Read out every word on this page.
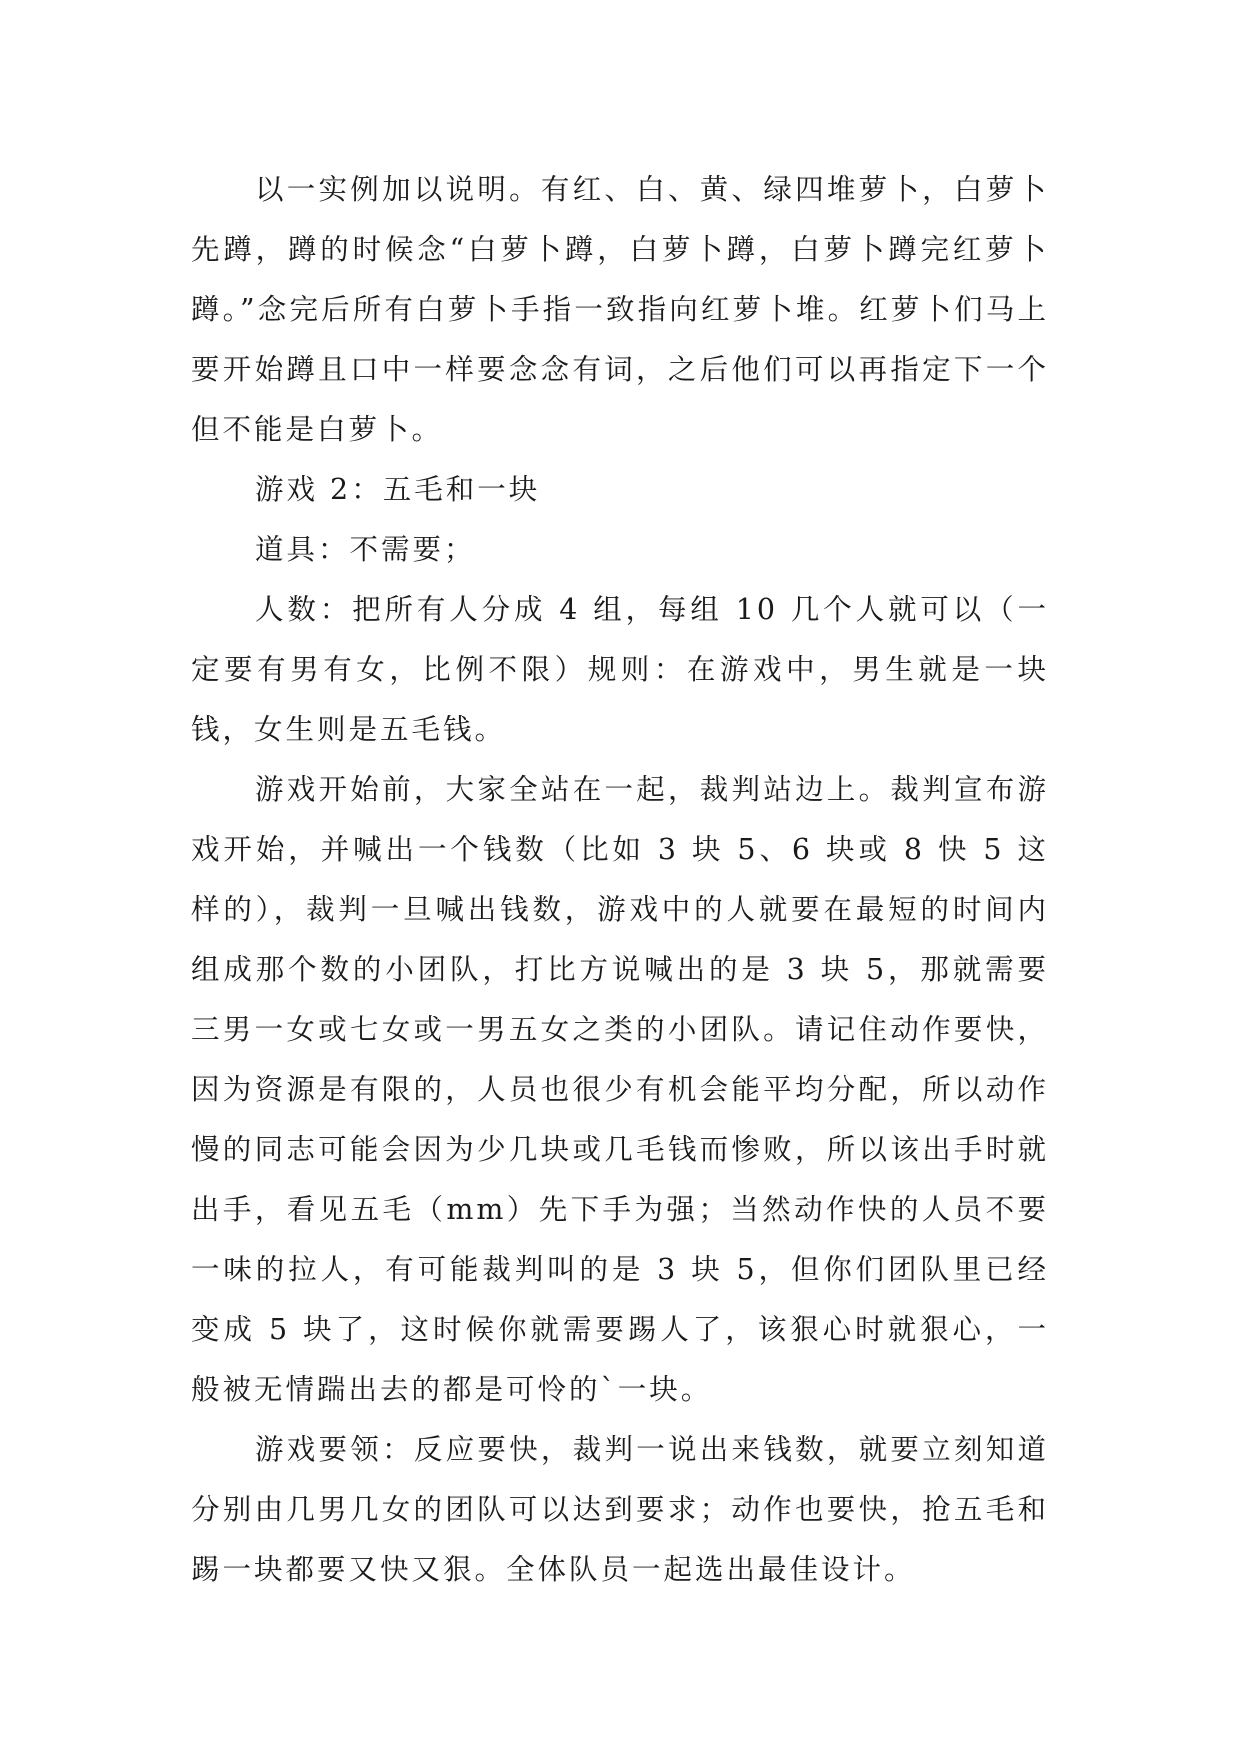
以一实例加以说明。有红、白、黄、绿四堆萝卜，白萝卜先蹲，蹲的时候念“白萝卜蹲，白萝卜蹲，白萝卜蹲完红萝卜蹲。”念完后所有白萝卜手指一致指向红萝卜堆。红萝卜们马上要开始蹲且口中一样要念念有词，之后他们可以再指定下一个但不能是白萝卜。

游戏 2：五毛和一块

道具：不需要；

人数：把所有人分成 4 组，每组 10 几个人就可以（一定要有男有女，比例不限）规则：在游戏中，男生就是一块钱，女生则是五毛钱。

游戏开始前，大家全站在一起，裁判站边上。裁判宣布游戏开始，并喊出一个钱数（比如 3 块 5、6 块或 8 快 5 这样的），裁判一旦喊出钱数，游戏中的人就要在最短的时间内组成那个数的小团队，打比方说喊出的是 3 块 5，那就需要三男一女或七女或一男五女之类的小团队。请记住动作要快，因为资源是有限的，人员也很少有机会能平均分配，所以动作慢的同志可能会因为少几块或几毛钱而惨败，所以该出手时就出手，看见五毛（mm）先下手为强；当然动作快的人员不要一味的拉人，有可能裁判叫的是 3 块 5，但你们团队里已经变成 5 块了，这时候你就需要踢人了，该狠心时就狠心，一般被无情踹出去的都是可怜的`一块。

游戏要领：反应要快，裁判一说出来钱数，就要立刻知道分别由几男几女的团队可以达到要求；动作也要快，抢五毛和踢一块都要又快又狠。全体队员一起选出最佳设计。
